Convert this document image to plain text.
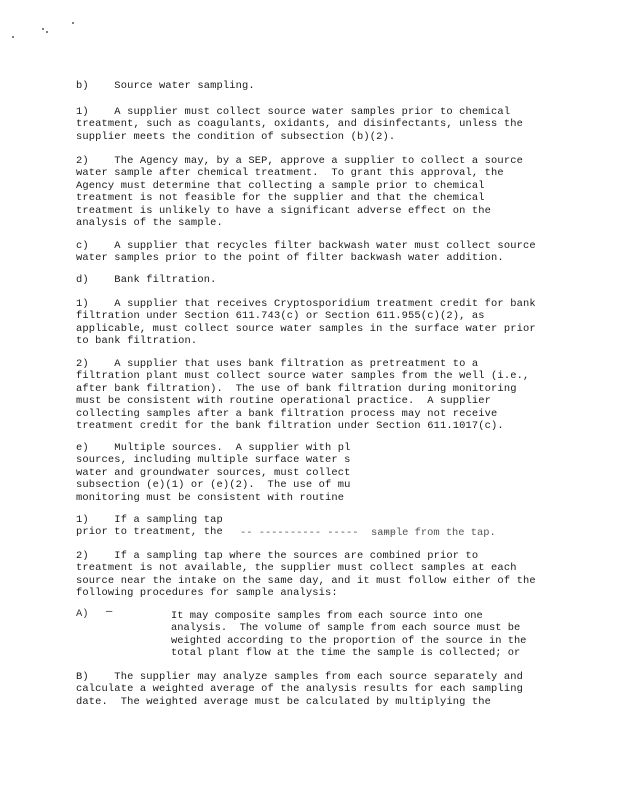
b)    Source water sampling.

1)    A supplier must collect source water samples prior to chemical treatment, such as coagulants, oxidants, and disinfectants, unless the supplier meets the condition of subsection (b)(2).

2)    The Agency may, by a SEP, approve a supplier to collect a source water sample after chemical treatment.  To grant this approval, the Agency must determine that collecting a sample prior to chemical treatment is not feasible for the supplier and that the chemical treatment is unlikely to have a significant adverse effect on the analysis of the sample.

c)    A supplier that recycles filter backwash water must collect source water samples prior to the point of filter backwash water addition.

d)    Bank filtration.

1)    A supplier that receives Cryptosporidium treatment credit for bank filtration under Section 611.743(c) or Section 611.955(c)(2), as applicable, must collect source water samples in the surface water prior to bank filtration.

2)    A supplier that uses bank filtration as pretreatment to a filtration plant must collect source water samples from the well (i.e., after bank filtration).  The use of bank filtration during monitoring must be consistent with routine operational practice.  A supplier collecting samples after a bank filtration process may not receive treatment credit for the bank filtration under Section 611.1017(c).

e)    Multiple sources.  A supplier with pl
sources, including multiple surface water s
water and groundwater sources, must collect
subsection (e)(1) or (e)(2).  The use of mu
monitoring must be consistent with routine

1)    If a sampling tap
prior to treatment, the	sample from the tap.
-- ---------- -----  ----

2)    If a sampling tap where the sources are combined prior to treatment is not available, the supplier must collect samples at each source near the intake on the same day, and it must follow either of the following procedures for sample analysis:

A) —	It may composite samples from each source into one analysis.  The volume of sample from each source must be weighted according to the proportion of the source in the total plant flow at the time the sample is collected; or

B)    The supplier may analyze samples from each source separately and calculate a weighted average of the analysis results for each sampling date.  The weighted average must be calculated by multiplying the
